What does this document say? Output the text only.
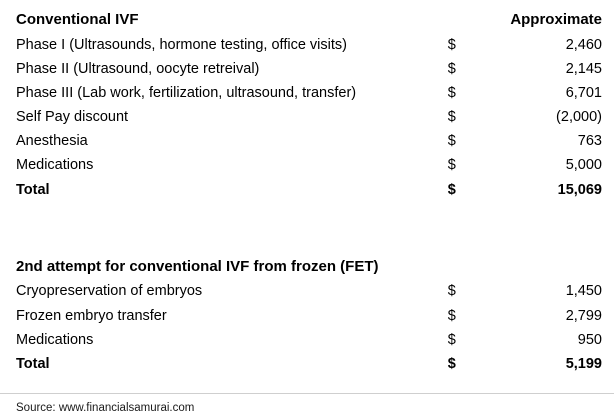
Conventional IVF		Approximate
Phase I (Ultrasounds, hormone testing, office visits)	$	2,460
Phase II (Ultrasound, oocyte retreival)	$	2,145
Phase III (Lab work, fertilization, ultrasound, transfer)	$	6,701
Self Pay discount	$	(2,000)
Anesthesia	$	763
Medications	$	5,000
Total	$	15,069
2nd attempt for conventional IVF from frozen (FET)		
Cryopreservation of embryos	$	1,450
Frozen embryo transfer	$	2,799
Medications	$	950
Total	$	5,199
Source: www.financialsamurai.com
